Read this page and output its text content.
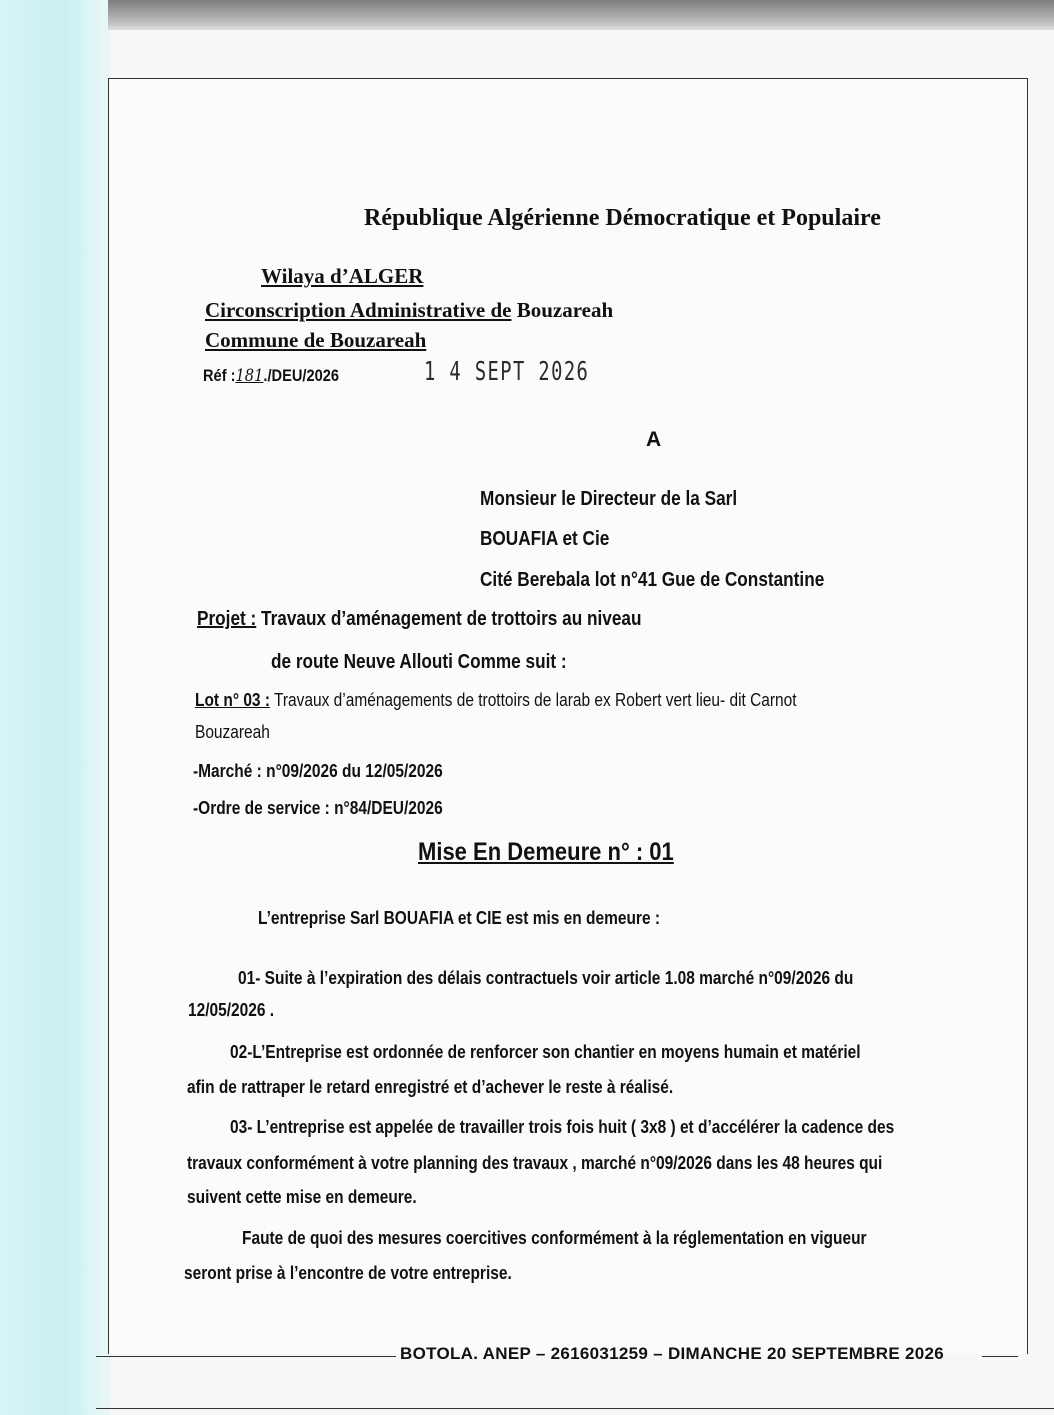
République Algérienne Démocratique et Populaire
Wilaya d’ALGER
Circonscription Administrative de Bouzareah
Commune de Bouzareah
Réf :181./DEU/2026	1 4 SEPT 2026
A
Monsieur le Directeur de la Sarl
BOUAFIA et Cie
Cité Berebala lot n°41 Gue de Constantine
Projet : Travaux d’aménagement de trottoirs au niveau
de route Neuve Allouti Comme suit :
Lot n° 03 : Travaux d’aménagements de trottoirs de larab ex Robert vert lieu- dit Carnot
Bouzareah
-Marché : n°09/2026 du 12/05/2026
-Ordre de service : n°84/DEU/2026
Mise En Demeure n° : 01
L’entreprise Sarl BOUAFIA et CIE est mis en demeure :
01- Suite à l’expiration des délais contractuels voir article 1.08 marché n°09/2026 du
12/05/2026 .
02-L’Entreprise est ordonnée de renforcer son chantier en moyens humain et matériel
afin de rattraper le retard enregistré et d’achever le reste à réalisé.
03- L’entreprise est appelée de travailler trois fois huit ( 3x8 ) et d’accélérer la cadence des
travaux conformément à votre planning des travaux , marché n°09/2026 dans les 48 heures qui
suivent cette mise en demeure.
Faute de quoi des mesures coercitives conformément à la réglementation en vigueur
seront prise à l’encontre de votre entreprise.
BOTOLA. ANEP – 2616031259 – DIMANCHE 20 SEPTEMBRE 2026
